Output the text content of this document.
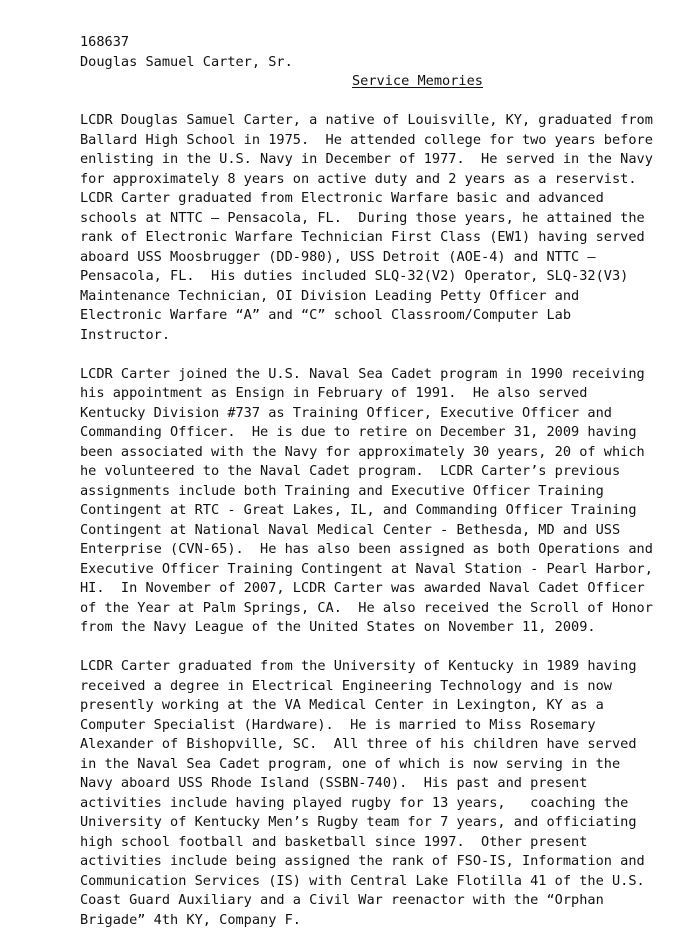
168637

Douglas Samuel Carter, Sr.

Service Memories

LCDR Douglas Samuel Carter, a native of Louisville, KY, graduated from
Ballard High School in 1975.  He attended college for two years before
enlisting in the U.S. Navy in December of 1977.  He served in the Navy
for approximately 8 years on active duty and 2 years as a reservist.
LCDR Carter graduated from Electronic Warfare basic and advanced
schools at NTTC – Pensacola, FL.  During those years, he attained the
rank of Electronic Warfare Technician First Class (EW1) having served
aboard USS Moosbrugger (DD-980), USS Detroit (AOE-4) and NTTC –
Pensacola, FL.  His duties included SLQ-32(V2) Operator, SLQ-32(V3)
Maintenance Technician, OI Division Leading Petty Officer and
Electronic Warfare “A” and “C” school Classroom/Computer Lab
Instructor.
LCDR Carter joined the U.S. Naval Sea Cadet program in 1990 receiving
his appointment as Ensign in February of 1991.  He also served
Kentucky Division #737 as Training Officer, Executive Officer and
Commanding Officer.  He is due to retire on December 31, 2009 having
been associated with the Navy for approximately 30 years, 20 of which
he volunteered to the Naval Cadet program.  LCDR Carter’s previous
assignments include both Training and Executive Officer Training
Contingent at RTC - Great Lakes, IL, and Commanding Officer Training
Contingent at National Naval Medical Center - Bethesda, MD and USS
Enterprise (CVN-65).  He has also been assigned as both Operations and
Executive Officer Training Contingent at Naval Station - Pearl Harbor,
HI.  In November of 2007, LCDR Carter was awarded Naval Cadet Officer
of the Year at Palm Springs, CA.  He also received the Scroll of Honor
from the Navy League of the United States on November 11, 2009.
LCDR Carter graduated from the University of Kentucky in 1989 having
received a degree in Electrical Engineering Technology and is now
presently working at the VA Medical Center in Lexington, KY as a
Computer Specialist (Hardware).  He is married to Miss Rosemary
Alexander of Bishopville, SC.  All three of his children have served
in the Naval Sea Cadet program, one of which is now serving in the
Navy aboard USS Rhode Island (SSBN-740).  His past and present
activities include having played rugby for 13 years,   coaching the
University of Kentucky Men’s Rugby team for 7 years, and officiating
high school football and basketball since 1997.  Other present
activities include being assigned the rank of FSO-IS, Information and
Communication Services (IS) with Central Lake Flotilla 41 of the U.S.
Coast Guard Auxiliary and a Civil War reenactor with the “Orphan
Brigade” 4th KY, Company F.
